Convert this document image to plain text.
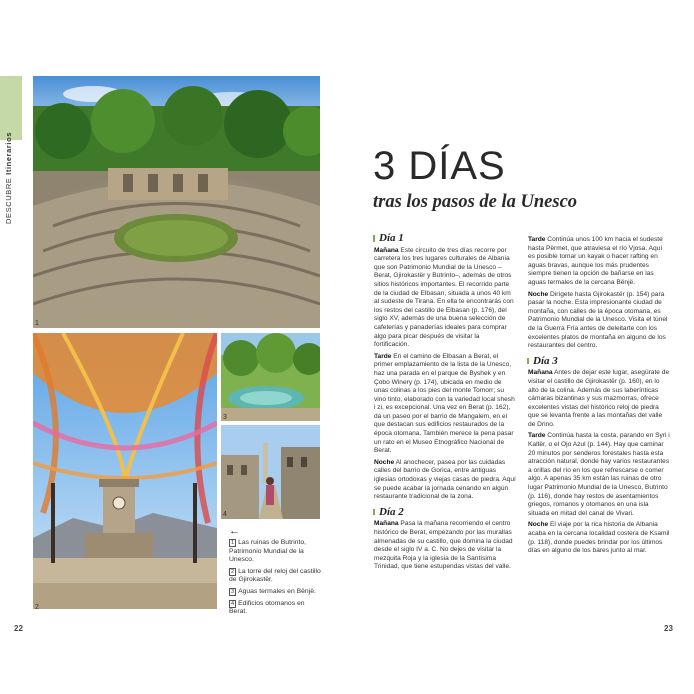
DESCUBRE Itinerarios
1
2
3
4
←
1 Las ruinas de Butrinto, Patrimonio Mundial de la Unesco.
2 La torre del reloj del castillo de Gjirokastër.
3 Aguas termales en Bënjë.
4 Edificios otomanos en Berat.
22
3 DÍAS
tras los pasos de la Unesco
Día 1

Mañana Este circuito de tres días recorre por carretera los tres lugares culturales de Albania que son Patrimonio Mundial de la Unesco –Berat, Gjirokastër y Butrinto–, además de otros sitios históricos importantes. El recorrido parte de la ciudad de Elbasan, situada a unos 40 km al sudeste de Tirana. En ella te encontrarás con los restos del castillo de Elbasan (p. 176), del siglo XV, además de una buena selección de cafeterías y panaderías ideales para comprar algo para picar después de visitar la fortificación.

Tarde En el camino de Elbasan a Berat, el primer emplazamiento de la lista de la Unesco, haz una parada en el parque de Byshek y en Çobo Winery (p. 174), ubicada en medio de unas colinas a los pies del monte Tomorr; su vino tinto, elaborado con la variedad local shesh i zi, es excepcional. Una vez en Berat (p. 162), da un paseo por el barrio de Mangalem, en el que destacan sus edificios restaurados de la época otomana. También merece la pena pasar un rato en el Museo Etnográfico Nacional de Berat.

Noche Al anochecer, pasea por las cuidadas calles del barrio de Gorica, entre antiguas iglesias ortodoxas y viejas casas de piedra. Aquí se puede acabar la jornada cenando en algún restaurante tradicional de la zona.

Día 2

Mañana Pasa la mañana recorriendo el centro histórico de Berat, empezando por las murallas almenadas de su castillo, que domina la ciudad desde el siglo IV a. C. No dejes de visitar la mezquita Roja y la iglesia de la Santísima Trinidad, que tiene estupendas vistas del valle.

Tarde Continúa unos 100 km hacia el sudeste hasta Përmet, que atraviesa el río Vjosa. Aquí es posible tomar un kayak o hacer rafting en aguas bravas, aunque los más prudentes siempre tienen la opción de bañarse en las aguas termales de la cercana Bënjë.

Noche Dirígete hasta Gjirokastër (p. 154) para pasar la noche. Esta impresionante ciudad de montaña, con calles de la época otomana, es Patrimonio Mundial de la Unesco. Visita el túnel de la Guerra Fría antes de deleitarte con los excelentes platos de montaña en alguno de los restaurantes del centro.

Día 3

Mañana Antes de dejar este lugar, asegúrate de visitar el castillo de Gjirokastër (p. 160), en lo alto de la colina. Además de sus laberínticas cámaras bizantinas y sus mazmorras, ofrece excelentes vistas del histórico reloj de piedra que se levanta frente a las montañas del valle de Drino.

Tarde Continúa hasta la costa, parando en Syri i Kaltër, o el Ojo Azul (p. 144). Hay que caminar 20 minutos por senderos forestales hasta esta atracción natural, donde hay varios restaurantes a orillas del río en los que refrescarse o comer algo. A apenas 35 km están las ruinas de otro lugar Patrimonio Mundial de la Unesco, Butrinto (p. 116), donde hay restos de asentamientos griegos, romanos y otomanos en una isla situada en mitad del canal de Vivari.

Noche El viaje por la rica historia de Albania acaba en la cercana localidad costera de Ksamil (p. 118), donde puedes brindar por los últimos días en alguno de los bares junto al mar.

23
